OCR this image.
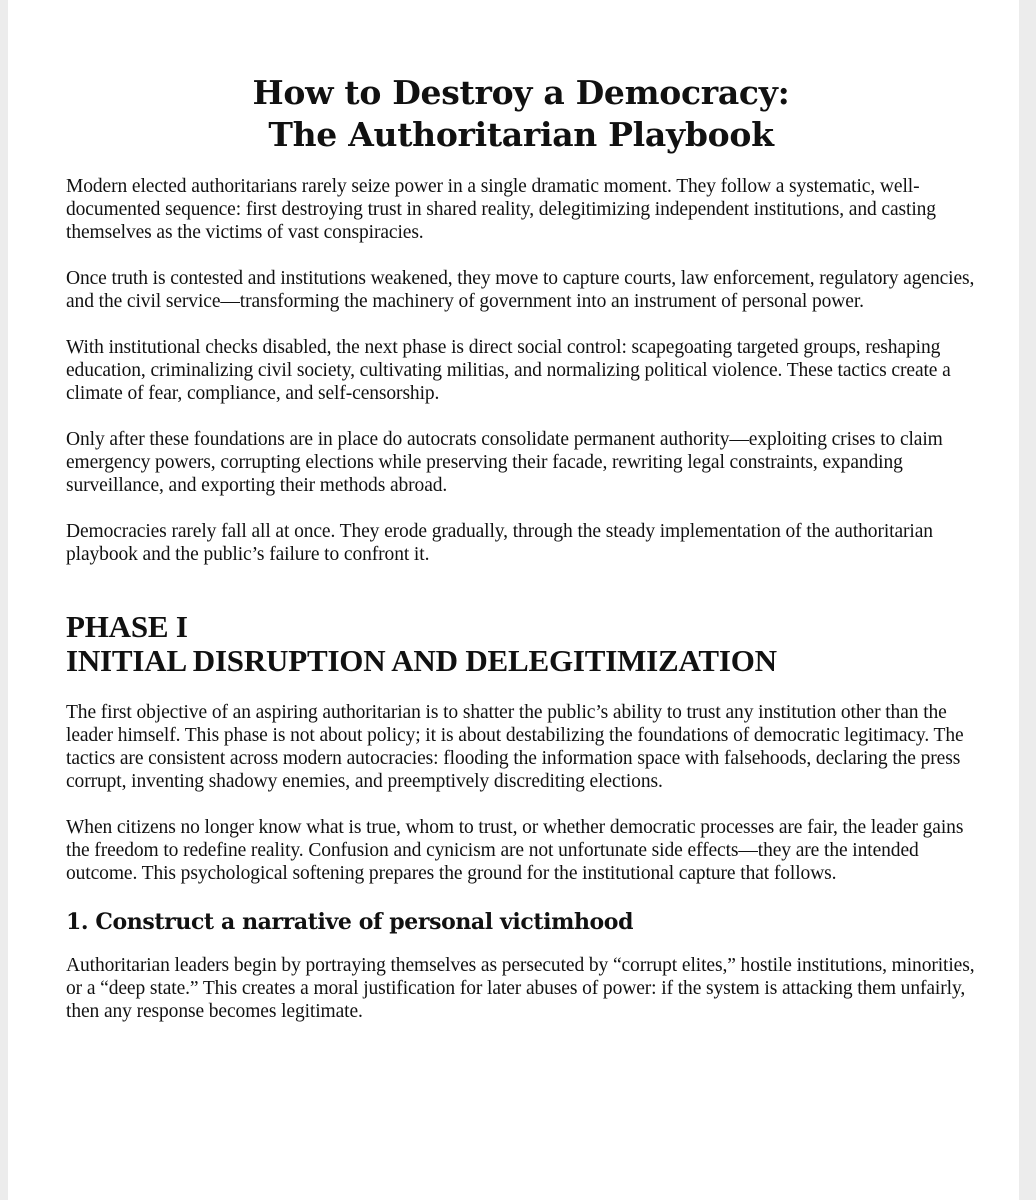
How to Destroy a Democracy:
The Authoritarian Playbook

Modern elected authoritarians rarely seize power in a single dramatic moment. They follow a systematic, well-documented sequence: first destroying trust in shared reality, delegitimizing independent institutions, and casting themselves as the victims of vast conspiracies.

Once truth is contested and institutions weakened, they move to capture courts, law enforcement, regulatory agencies, and the civil service—transforming the machinery of government into an instrument of personal power.

With institutional checks disabled, the next phase is direct social control: scapegoating targeted groups, reshaping education, criminalizing civil society, cultivating militias, and normalizing political violence. These tactics create a climate of fear, compliance, and self-censorship.

Only after these foundations are in place do autocrats consolidate permanent authority—exploiting crises to claim emergency powers, corrupting elections while preserving their facade, rewriting legal constraints, expanding surveillance, and exporting their methods abroad.

Democracies rarely fall all at once. They erode gradually, through the steady implementation of the authoritarian playbook and the public’s failure to confront it.

PHASE I
INITIAL DISRUPTION AND DELEGITIMIZATION

The first objective of an aspiring authoritarian is to shatter the public’s ability to trust any institution other than the leader himself. This phase is not about policy; it is about destabilizing the foundations of democratic legitimacy. The tactics are consistent across modern autocracies: flooding the information space with falsehoods, declaring the press corrupt, inventing shadowy enemies, and preemptively discrediting elections.

When citizens no longer know what is true, whom to trust, or whether democratic processes are fair, the leader gains the freedom to redefine reality. Confusion and cynicism are not unfortunate side effects—they are the intended outcome. This psychological softening prepares the ground for the institutional capture that follows.

1. Construct a narrative of personal victimhood

Authoritarian leaders begin by portraying themselves as persecuted by “corrupt elites,” hostile institutions, minorities, or a “deep state.” This creates a moral justification for later abuses of power: if the system is attacking them unfairly, then any response becomes legitimate.
